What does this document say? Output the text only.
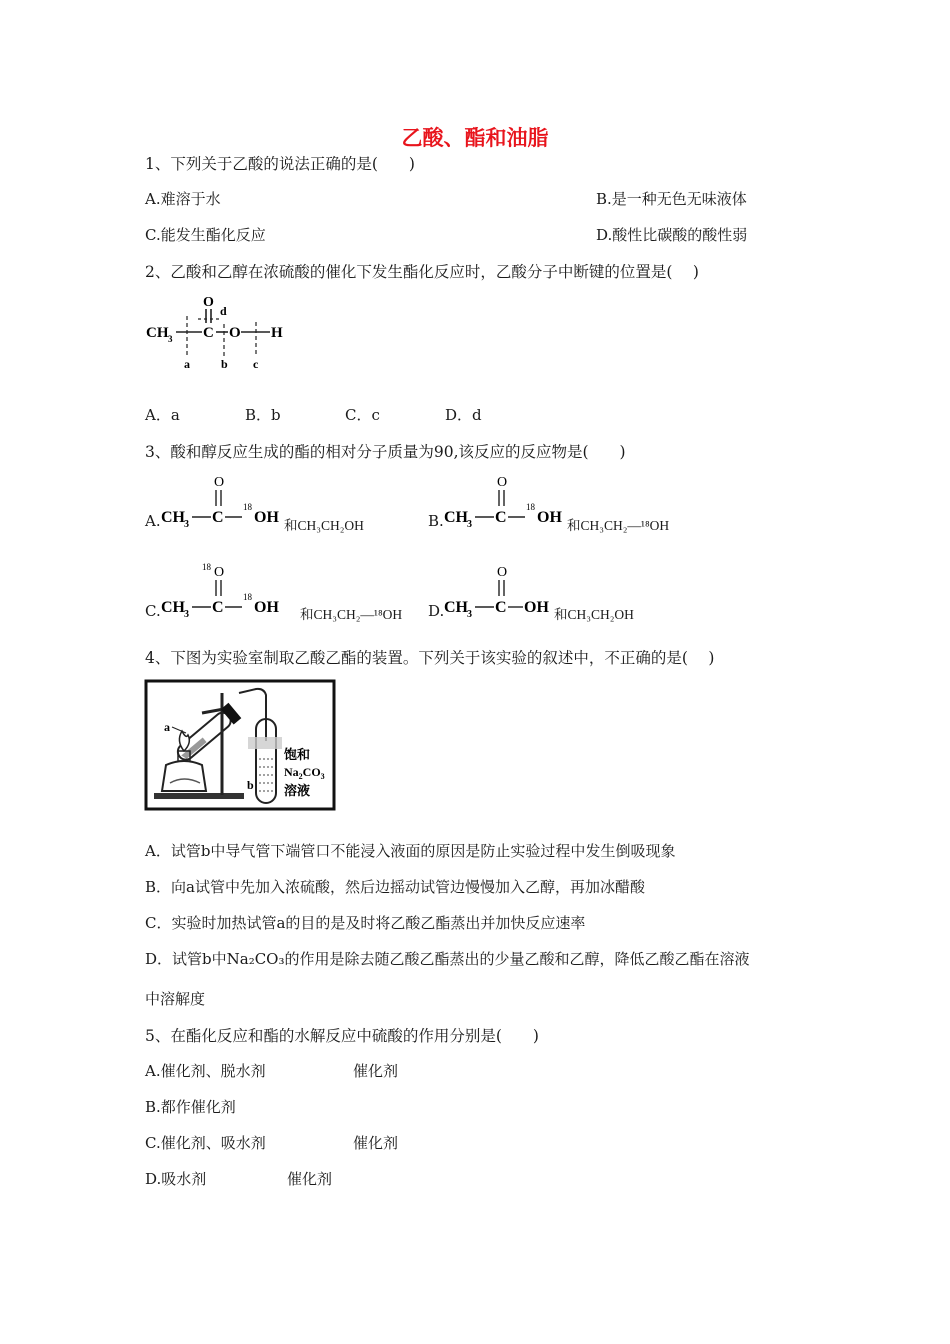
乙酸、酯和油脂
1、下列关于乙酸的说法正确的是(　　)
A.难溶于水	B.是一种无色无味液体
C.能发生酯化反应	D.酸性比碳酸的酸性弱
2、乙酸和乙醇在浓硫酸的催化下发生酯化反应时，乙酸分子中断键的位置是(　 )
CH 3 C
O
O H
a	b c
d
A．a	B．b	C．c	D．d
3、酸和醇反应生成的酯的相对分子质量为90,该反应的反应物是(　　)
A.
O
CH 3 C
18
OH 和CH₃CH₂OH	B.
O
CH 3 C
18
OH 和CH₃CH₂—¹⁸OH
C.
18 O
CH 3 C
18
OH 和CH₃CH₂—¹⁸OH D.
O
CH 3 C OH 和CH₃CH₂OH
4、下图为实验室制取乙酸乙酯的装置。下列关于该实验的叙述中，不正确的是(　 )
a
b
饱和
$Na_2CO_3$
溶液
A．试管b中导气管下端管口不能浸入液面的原因是防止实验过程中发生倒吸现象
B．向a试管中先加入浓硫酸，然后边摇动试管边慢慢加入乙醇，再加冰醋酸
C．实验时加热试管a的目的是及时将乙酸乙酯蒸出并加快反应速率
D．试管b中Na₂CO₃的作用是除去随乙酸乙酯蒸出的少量乙酸和乙醇，降低乙酸乙酯在溶液
中溶解度
5、在酯化反应和酯的水解反应中硫酸的作用分别是(　　)
A.催化剂、脱水剂	催化剂
B.都作催化剂
C.催化剂、吸水剂	催化剂
D.吸水剂	催化剂
